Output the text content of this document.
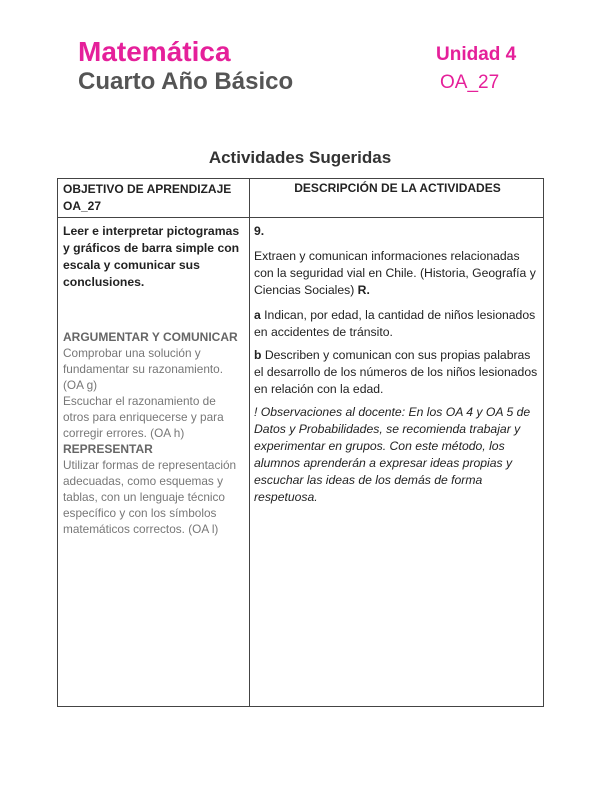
Matemática
Cuarto Año Básico
Unidad 4
OA_27
Actividades Sugeridas
OBJETIVO DE APRENDIZAJE OA_27
DESCRIPCIÓN DE LA ACTIVIDADES
Leer e interpretar pictogramas y gráficos de barra simple con escala y comunicar sus conclusiones.
ARGUMENTAR Y COMUNICAR
Comprobar una solución y fundamentar su razonamiento. (OA g)
Escuchar el razonamiento de otros para enriquecerse y para corregir errores. (OA h)
REPRESENTAR
Utilizar formas de representación adecuadas, como esquemas y tablas, con un lenguaje técnico específico y con los símbolos matemáticos correctos. (OA l)

9.

Extraen y comunican informaciones relacionadas con la seguridad vial en Chile. (Historia, Geografía y Ciencias Sociales) R.

a Indican, por edad, la cantidad de niños lesionados en accidentes de tránsito.

b Describen y comunican con sus propias palabras el desarrollo de los números de los niños lesionados en relación con la edad.

! Observaciones al docente: En los OA 4 y OA 5 de Datos y Probabilidades, se recomienda trabajar y experimentar en grupos. Con este método, los alumnos aprenderán a expresar ideas propias y escuchar las ideas de los demás de forma respetuosa.
